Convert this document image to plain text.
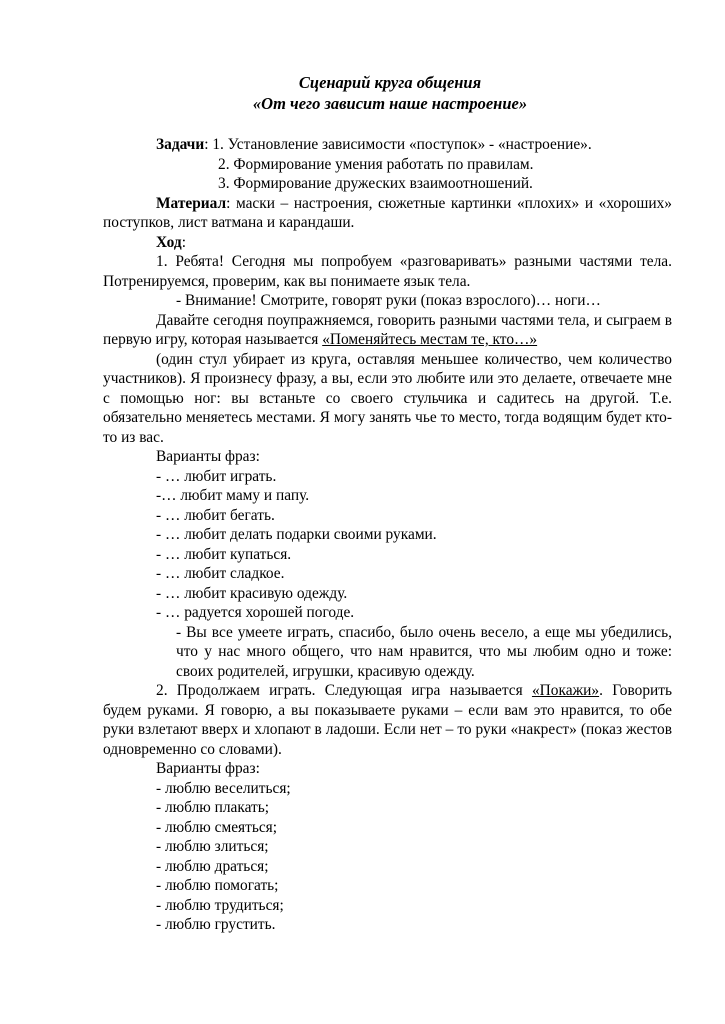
Сценарий круга общения
«От чего зависит наше настроение»

Задачи: 1. Установление зависимости «поступок» - «настроение».

2. Формирование умения работать по правилам.

3. Формирование дружеских взаимоотношений.

Материал: маски – настроения, сюжетные картинки «плохих» и «хороших» поступков, лист ватмана и карандаши.

Ход:

1. Ребята! Сегодня мы попробуем «разговаривать» разными частями тела. Потренируемся, проверим, как вы понимаете язык тела.

- Внимание! Смотрите, говорят руки (показ взрослого)… ноги…

Давайте сегодня поупражняемся, говорить разными частями тела, и сыграем в первую игру, которая называется «Поменяйтесь местам те, кто…»

(один стул убирает из круга, оставляя меньшее количество, чем количество участников). Я произнесу фразу, а вы, если это любите или это делаете, отвечаете мне с помощью ног: вы встаньте со своего стульчика и садитесь на другой. Т.е. обязательно меняетесь местами. Я могу занять чье то место, тогда водящим будет кто-то из вас.

Варианты фраз:

- … любит играть.

-… любит маму и папу.

- … любит бегать.

- … любит делать подарки своими руками.

- … любит купаться.

- … любит сладкое.

- … любит красивую одежду.

- … радуется хорошей погоде.

- Вы все умеете играть, спасибо, было очень весело, а еще мы убедились, что у нас много общего, что нам нравится, что мы любим одно и тоже: своих родителей, игрушки, красивую одежду.

2. Продолжаем играть. Следующая игра называется «Покажи». Говорить будем руками. Я говорю, а вы показываете руками – если вам это нравится, то обе руки взлетают вверх и хлопают в ладоши. Если нет – то руки «накрест» (показ жестов одновременно со словами).

Варианты фраз:

- люблю веселиться;

- люблю плакать;

- люблю смеяться;

- люблю злиться;

- люблю драться;

- люблю помогать;

- люблю трудиться;

- люблю грустить.
